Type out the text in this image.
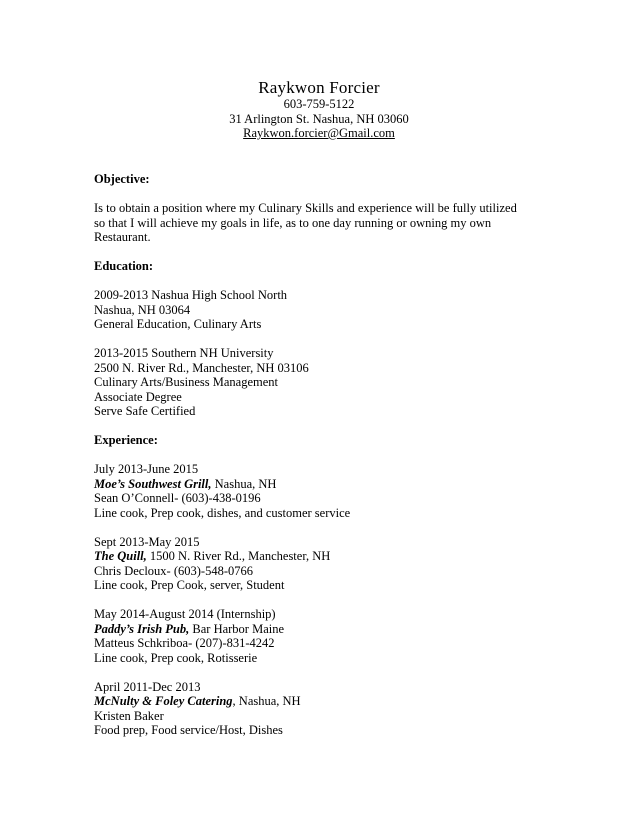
Raykwon Forcier
603-759-5122
31 Arlington St. Nashua, NH 03060
Raykwon.forcier@Gmail.com
Objective:
Is to obtain a position where my Culinary Skills and experience will be fully utilized
so that I will achieve my goals in life, as to one day running or owning my own
Restaurant.
Education:
2009-2013 Nashua High School North
Nashua, NH 03064
General Education, Culinary Arts
2013-2015 Southern NH University
2500 N. River Rd., Manchester, NH 03106
Culinary Arts/Business Management
Associate Degree
Serve Safe Certified
Experience:
July 2013-June 2015
Moe’s Southwest Grill, Nashua, NH
Sean O’Connell- (603)-438-0196
Line cook, Prep cook, dishes, and customer service
Sept 2013-May 2015
The Quill, 1500 N. River Rd., Manchester, NH
Chris Decloux- (603)-548-0766
Line cook, Prep Cook, server, Student
May 2014-August 2014 (Internship)
Paddy’s Irish Pub, Bar Harbor Maine
Matteus Schkriboa- (207)-831-4242
Line cook, Prep cook, Rotisserie
April 2011-Dec 2013
McNulty & Foley Catering, Nashua, NH
Kristen Baker
Food prep, Food service/Host, Dishes
